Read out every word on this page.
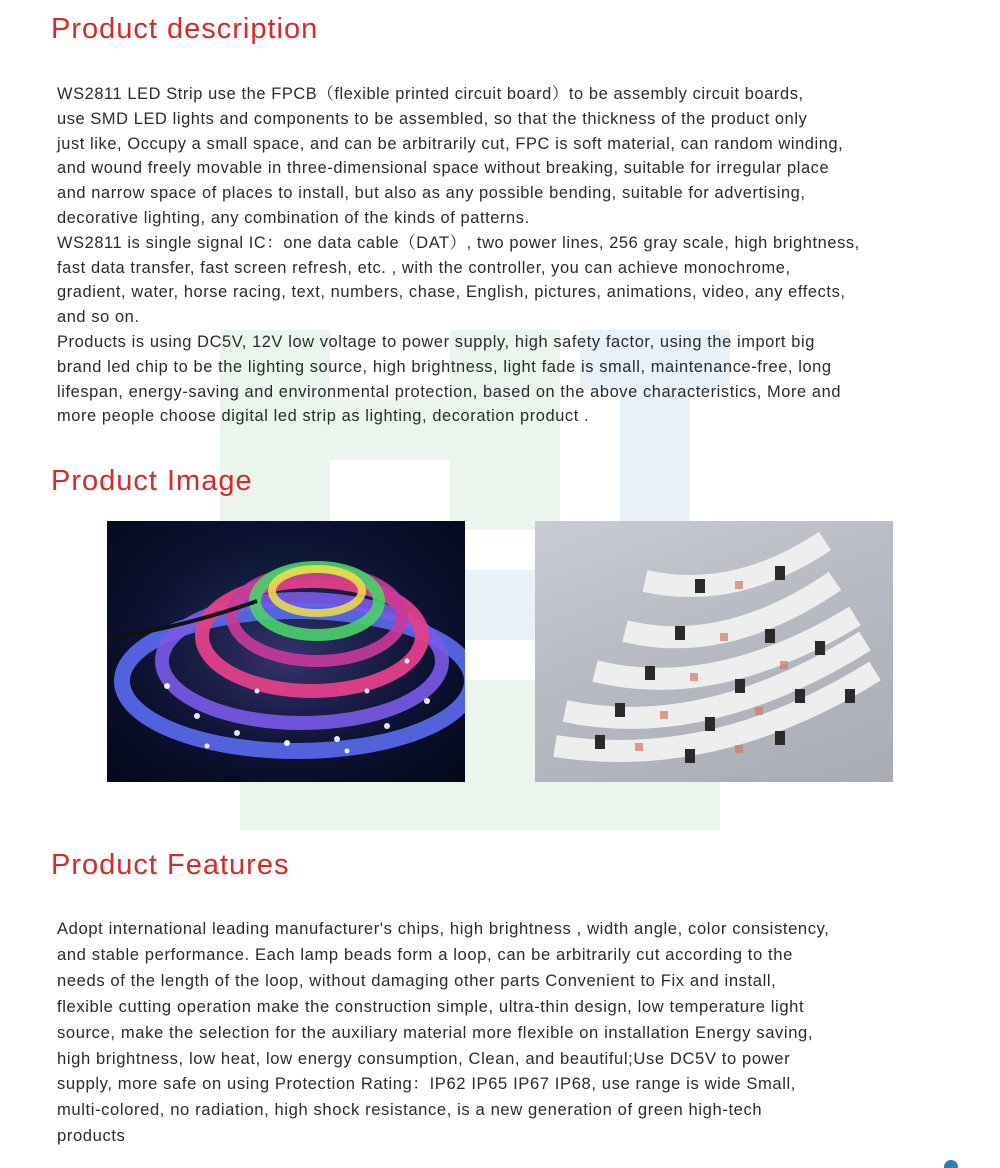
Product description

WS2811 LED Strip use the FPCB（flexible printed circuit board）to be assembly circuit boards,

use SMD LED lights and components to be assembled, so that the thickness of the product only

just like, Occupy a small space, and can be arbitrarily cut, FPC is soft material, can random winding,

and wound freely movable in three-dimensional space without breaking, suitable for irregular place

and narrow space of places to install, but also as any possible bending, suitable for advertising,

decorative lighting, any combination of the kinds of patterns.

WS2811 is single signal IC：one data cable（DAT）, two power lines, 256 gray scale, high brightness,

fast data transfer, fast screen refresh, etc. , with the controller, you can achieve monochrome,

gradient, water, horse racing, text, numbers, chase, English, pictures, animations, video, any effects,

and so on.

Products is using DC5V, 12V low voltage to power supply, high safety factor, using the import big

brand led chip to be the lighting source, high brightness, light fade is small, maintenance-free, long

lifespan, energy-saving and environmental protection, based on the above characteristics, More and

more people choose digital led strip as lighting, decoration product .

Product Image
Product Features

Adopt international leading manufacturer's chips, high brightness , width angle, color consistency,

and stable performance. Each lamp beads form a loop, can be arbitrarily cut according to the

needs of the length of the loop, without damaging other parts Convenient to Fix and install,

flexible cutting operation make the construction simple, ultra-thin design, low temperature light

source, make the selection for the auxiliary material more flexible on installation Energy saving,

high brightness, low heat, low energy consumption, Clean, and beautiful;Use DC5V to power

supply, more safe on using Protection Rating：IP62 IP65 IP67 IP68, use range is wide Small,

multi-colored, no radiation, high shock resistance, is a new generation of green high-tech

products
